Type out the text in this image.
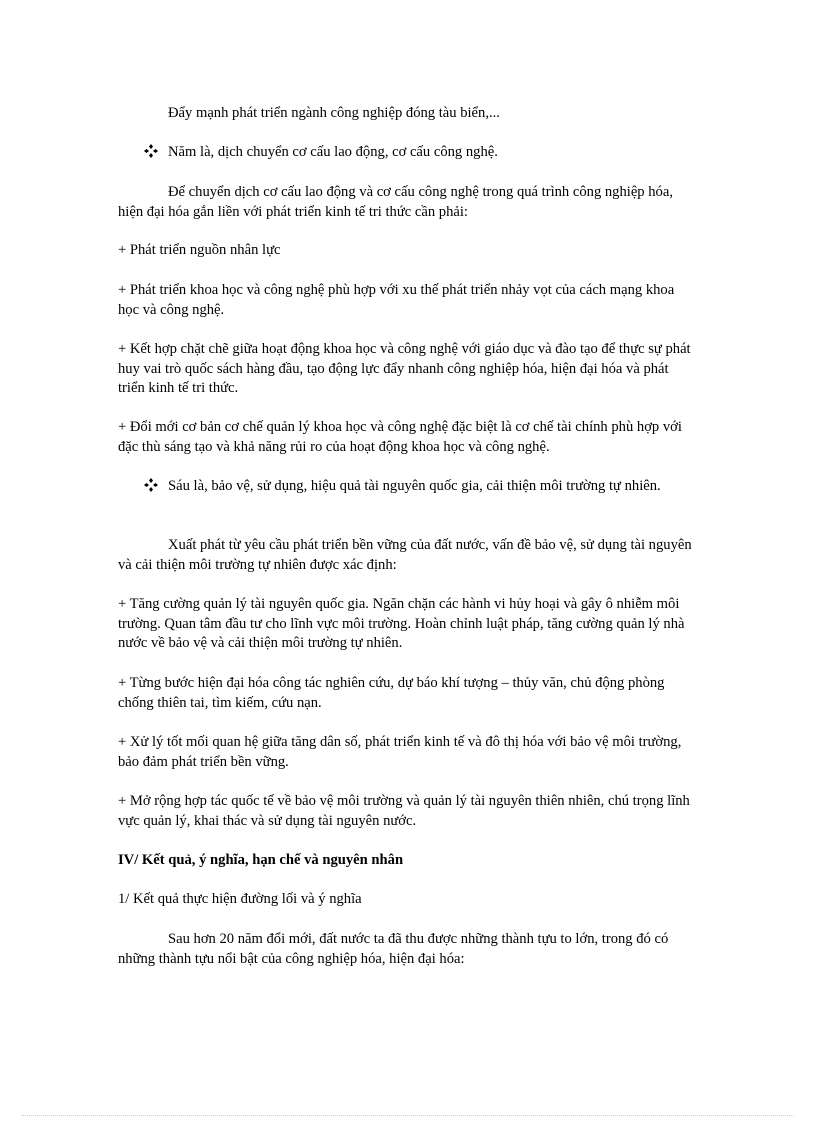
Đẩy mạnh phát triển ngành công nghiệp đóng tàu biển,...

Năm là, dịch chuyển cơ cấu lao động, cơ cấu công nghệ.

Để chuyển dịch cơ cấu lao động và cơ cấu công nghệ trong quá trình công nghiệp hóa, hiện đại hóa gắn liền với phát triển kinh tế tri thức cần phải:

+ Phát triển nguồn nhân lực

+ Phát triển khoa học và công nghệ phù hợp với xu thế phát triển nhảy vọt của cách mạng khoa học và công nghệ.

+ Kết hợp chặt chẽ giữa hoạt động khoa học và công nghệ với giáo dục và đào tạo để thực sự phát huy vai trò quốc sách hàng đầu, tạo động lực đẩy nhanh công nghiệp hóa, hiện đại hóa và phát triển kinh tế tri thức.

+ Đổi mới cơ bản cơ chế quản lý khoa học và công nghệ đặc biệt là cơ chế tài chính phù hợp với đặc thù sáng tạo và khả năng rủi ro của hoạt động khoa học và công nghệ.

Sáu là, bảo vệ, sử dụng, hiệu quả tài nguyên quốc gia, cải thiện môi trường tự nhiên.

Xuất phát từ yêu cầu phát triển bền vững của đất nước, vấn đề bảo vệ, sử dụng tài nguyên và cải thiện môi trường tự nhiên được xác định:

+ Tăng cường quản lý tài nguyên quốc gia. Ngăn chặn các hành vi hủy hoại và gây ô nhiễm môi trường. Quan tâm đầu tư cho lĩnh vực môi trường. Hoàn chỉnh luật pháp, tăng cường quản lý nhà nước về bảo vệ và cải thiện môi trường tự nhiên.

+ Từng bước hiện đại hóa công tác nghiên cứu, dự báo khí tượng – thủy văn, chủ động phòng chống thiên tai, tìm kiếm, cứu nạn.

+ Xử lý tốt mối quan hệ giữa tăng dân số, phát triển kinh tế và đô thị hóa với bảo vệ môi trường, bảo đảm phát triển bền vững.

+ Mở rộng hợp tác quốc tế về bảo vệ môi trường và quản lý tài nguyên thiên nhiên, chú trọng lĩnh vực quản lý, khai thác và sử dụng tài nguyên nước.

IV/ Kết quả, ý nghĩa, hạn chế và nguyên nhân

1/ Kết quả thực hiện đường lối và ý nghĩa

Sau hơn 20 năm đổi mới, đất nước ta đã thu được những thành tựu to lớn, trong đó có những thành tựu nổi bật của công nghiệp hóa, hiện đại hóa:
